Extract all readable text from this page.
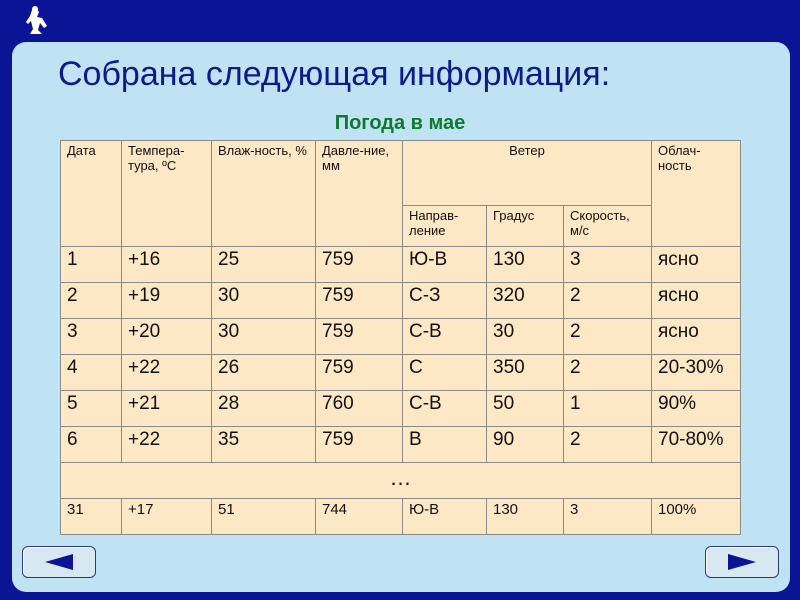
Собрана следующая информация:
Погода в мае
Дата	Темпера-тура, ºС	Влаж-ность, %	Давле-ние, мм	Ветер			Облач-ность
				Направ-ление	Градус	Скорость, м/с	
1	+16	25	759	Ю-В	130	3	ясно
2	+19	30	759	С-З	320	2	ясно
3	+20	30	759	С-В	30	2	ясно
4	+22	26	759	С	350	2	20-30%
5	+21	28	760	С-В	50	1	90%
6	+22	35	759	В	90	2	70-80%
…							
31	+17	51	744	Ю-В	130	3	100%
